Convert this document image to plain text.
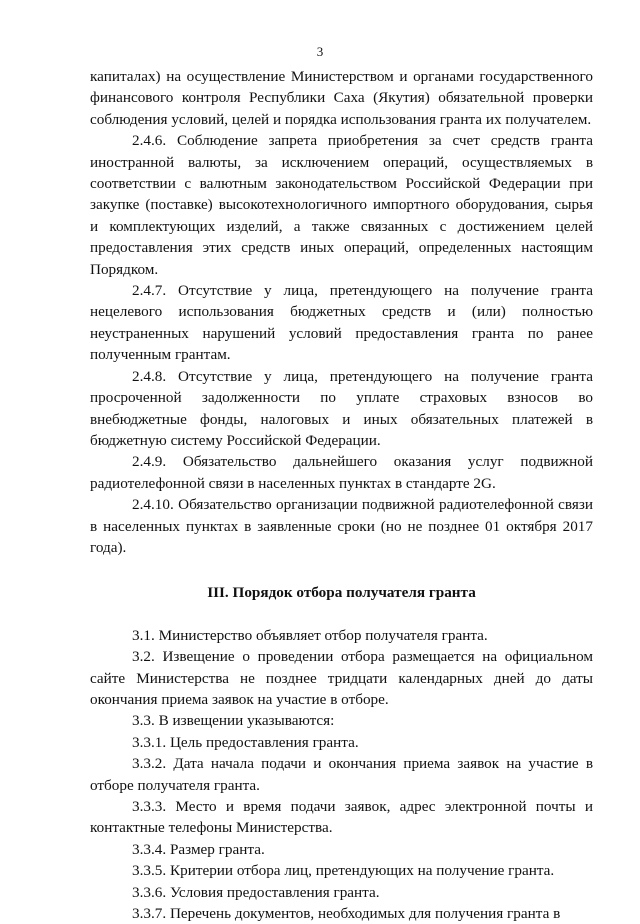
3

капиталах) на осуществление Министерством и органами государственного финансового контроля Республики Саха (Якутия) обязательной проверки соблюдения условий, целей и порядка использования гранта их получателем.

2.4.6. Соблюдение запрета приобретения за счет средств гранта иностранной валюты, за исключением операций, осуществляемых в соответствии с валютным законодательством Российской Федерации при закупке (поставке) высокотехнологичного импортного оборудования, сырья и комплектующих изделий, а также связанных с достижением целей предоставления этих средств иных операций, определенных настоящим Порядком.

2.4.7. Отсутствие у лица, претендующего на получение гранта нецелевого использования бюджетных средств и (или) полностью неустраненных нарушений условий предоставления гранта по ранее полученным грантам.

2.4.8. Отсутствие у лица, претендующего на получение гранта просроченной задолженности по уплате страховых взносов во внебюджетные фонды, налоговых и иных обязательных платежей в бюджетную систему Российской Федерации.

2.4.9. Обязательство дальнейшего оказания услуг подвижной радиотелефонной связи в населенных пунктах в стандарте 2G.

2.4.10. Обязательство организации подвижной радиотелефонной связи в населенных пунктах в заявленные сроки (но не позднее 01 октября 2017 года).

III. Порядок отбора получателя гранта

3.1. Министерство объявляет отбор получателя гранта.

3.2. Извещение о проведении отбора размещается на официальном сайте Министерства не позднее тридцати календарных дней до даты окончания приема заявок на участие в отборе.

3.3. В извещении указываются:

3.3.1. Цель предоставления гранта.

3.3.2. Дата начала подачи и окончания приема заявок на участие в отборе получателя гранта.

3.3.3. Место и время подачи заявок, адрес электронной почты и контактные телефоны Министерства.

3.3.4. Размер гранта.

3.3.5. Критерии отбора лиц, претендующих на получение гранта.

3.3.6. Условия предоставления гранта.

3.3.7. Перечень документов, необходимых для получения гранта в
